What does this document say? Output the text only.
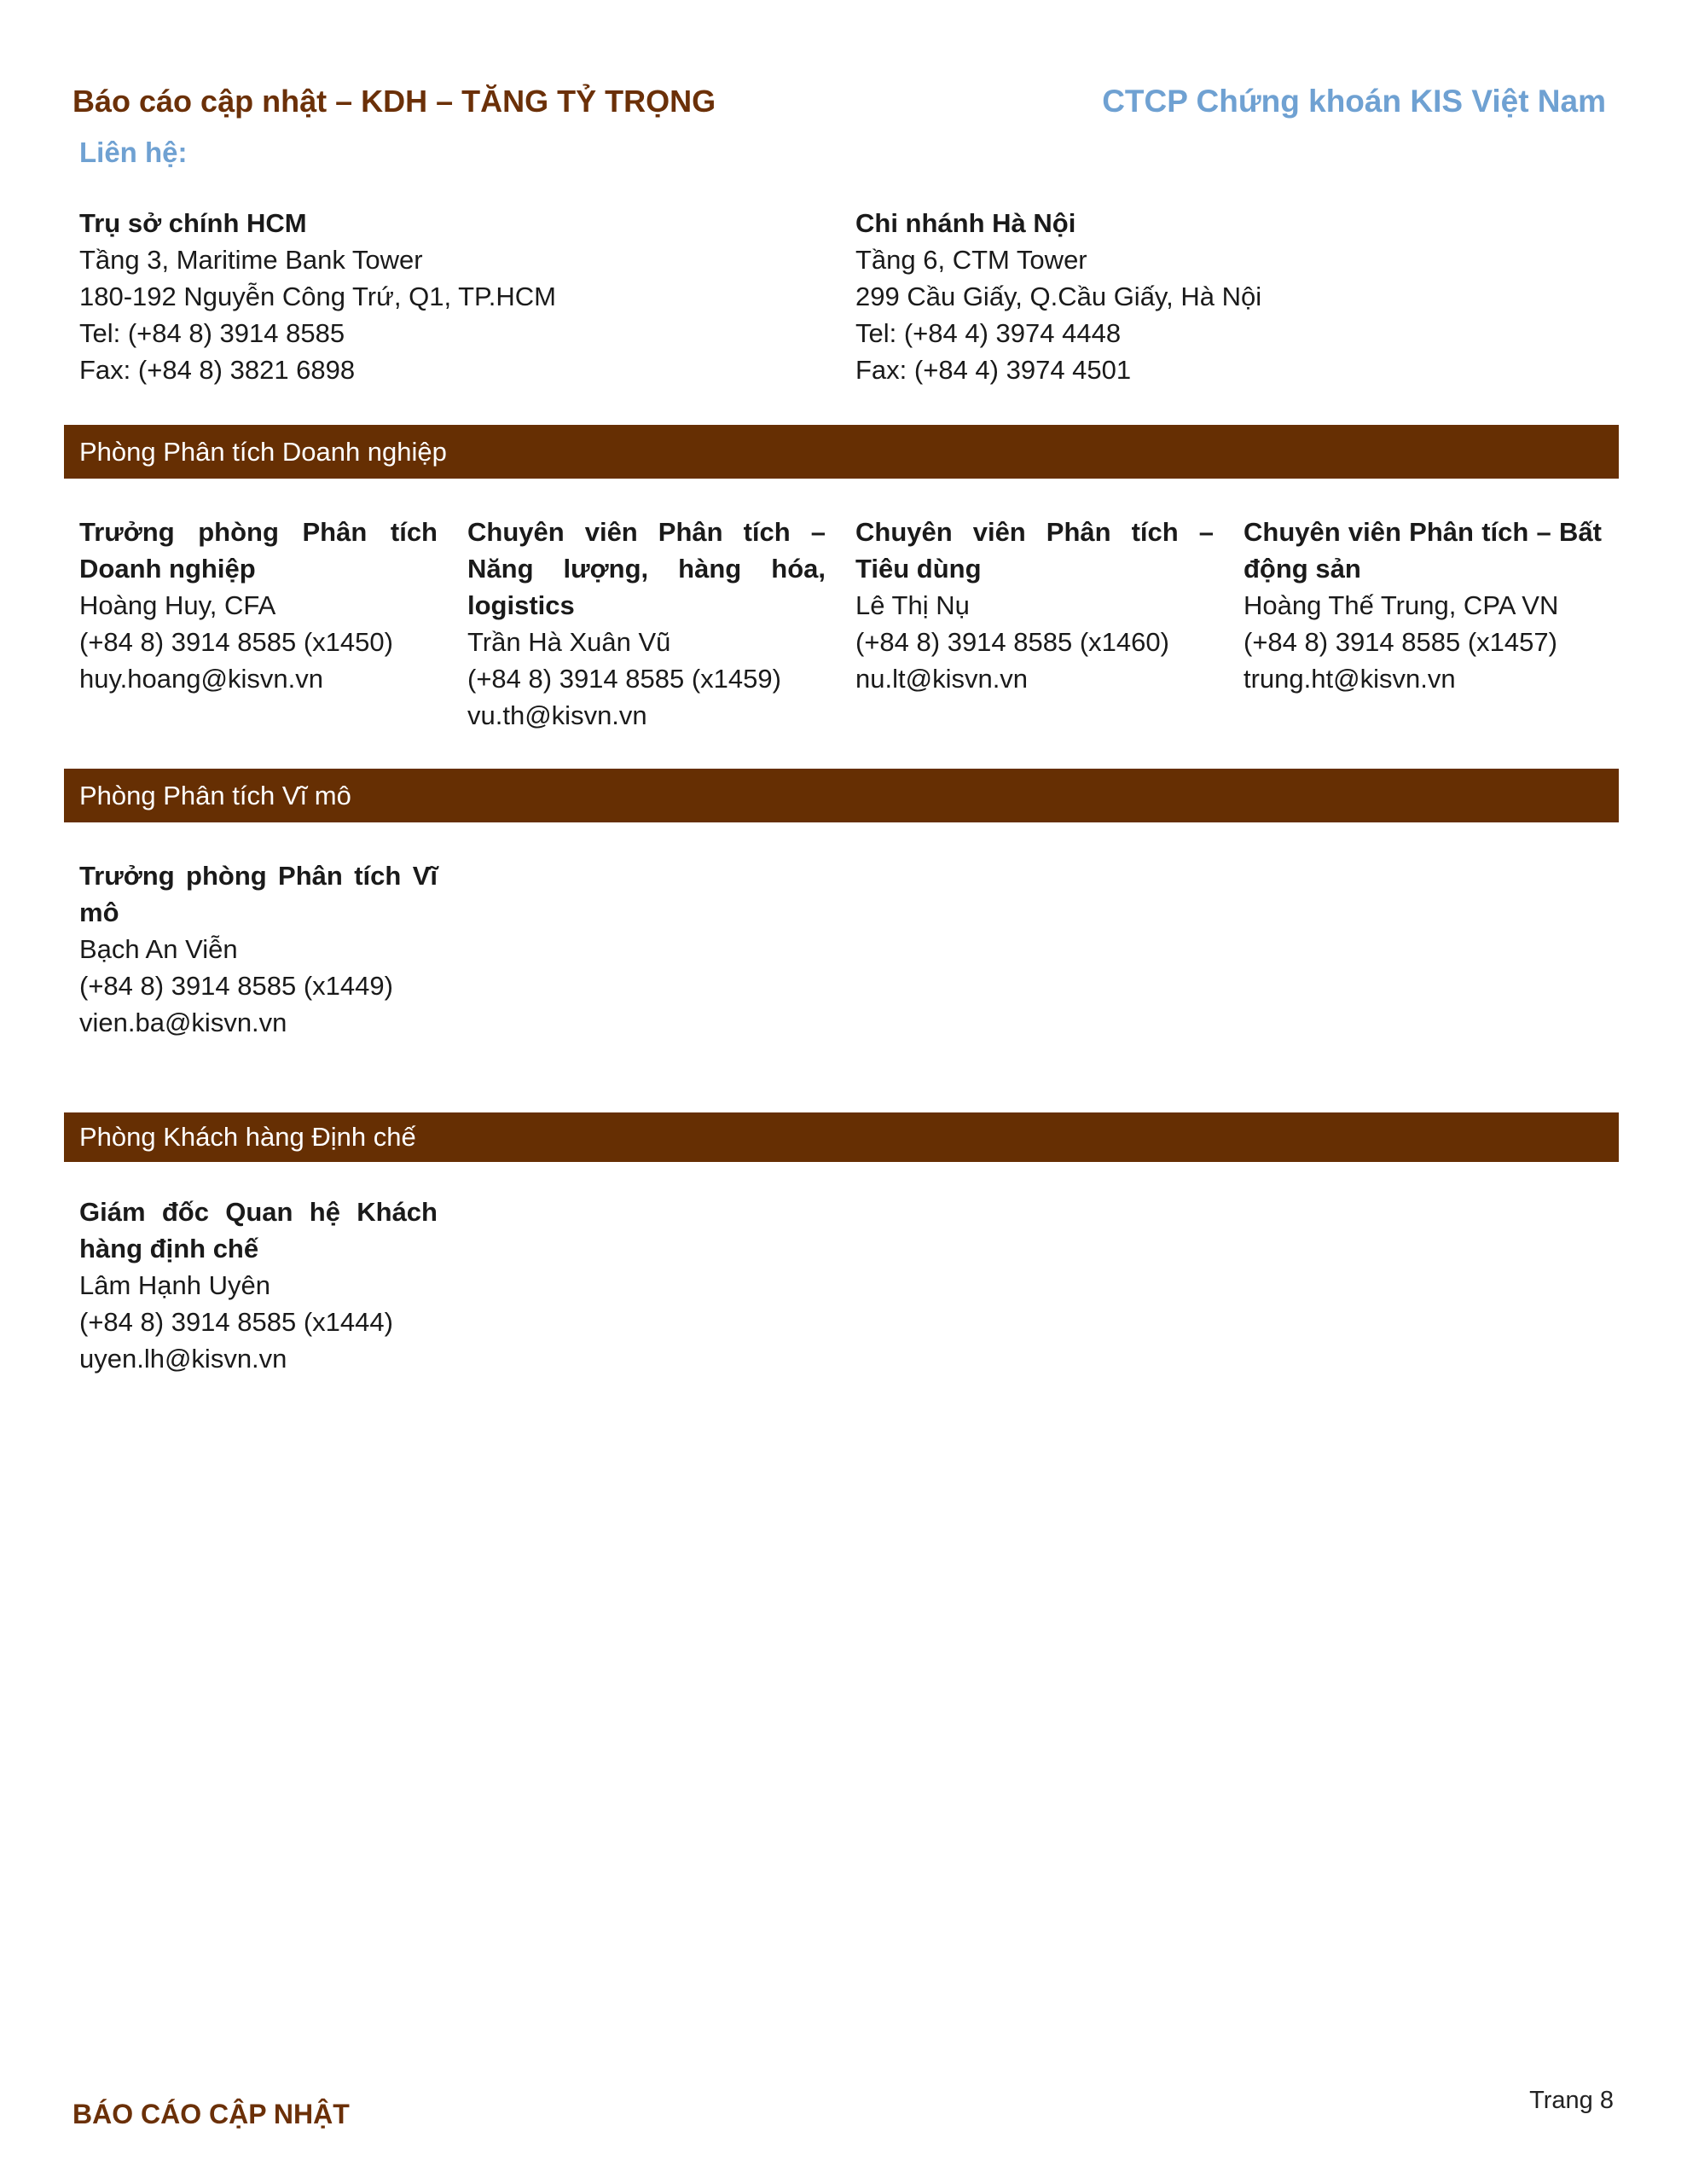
Báo cáo cập nhật – KDH – TĂNG TỶ TRỌNG	CTCP Chứng khoán KIS Việt Nam
Liên hệ:
Trụ sở chính HCM
Tầng 3, Maritime Bank Tower
180-192 Nguyễn Công Trứ, Q1, TP.HCM
Tel: (+84 8) 3914 8585
Fax: (+84 8) 3821 6898
Chi nhánh Hà Nội
Tầng 6, CTM Tower
299 Cầu Giấy, Q.Cầu Giấy, Hà Nội
Tel: (+84 4) 3974 4448
Fax: (+84 4) 3974 4501
Phòng Phân tích Doanh nghiệp
Trưởng phòng Phân tích Doanh nghiệp
Hoàng Huy, CFA
(+84 8) 3914 8585 (x1450)
huy.hoang@kisvn.vn
Chuyên viên Phân tích – Năng lượng, hàng hóa, logistics
Trần Hà Xuân Vũ
(+84 8) 3914 8585 (x1459)
vu.th@kisvn.vn
Chuyên viên Phân tích – Tiêu dùng
Lê Thị Nụ
(+84 8) 3914 8585 (x1460)
nu.lt@kisvn.vn
Chuyên viên Phân tích – Bất động sản
Hoàng Thế Trung, CPA VN
(+84 8) 3914 8585 (x1457)
trung.ht@kisvn.vn
Phòng Phân tích Vĩ mô
Trưởng phòng Phân tích Vĩ mô
Bạch An Viễn
(+84 8) 3914 8585 (x1449)
vien.ba@kisvn.vn
Phòng Khách hàng Định chế
Giám đốc Quan hệ Khách hàng định chế
Lâm Hạnh Uyên
(+84 8) 3914 8585 (x1444)
uyen.lh@kisvn.vn
BÁO CÁO CẬP NHẬT	Trang 8
